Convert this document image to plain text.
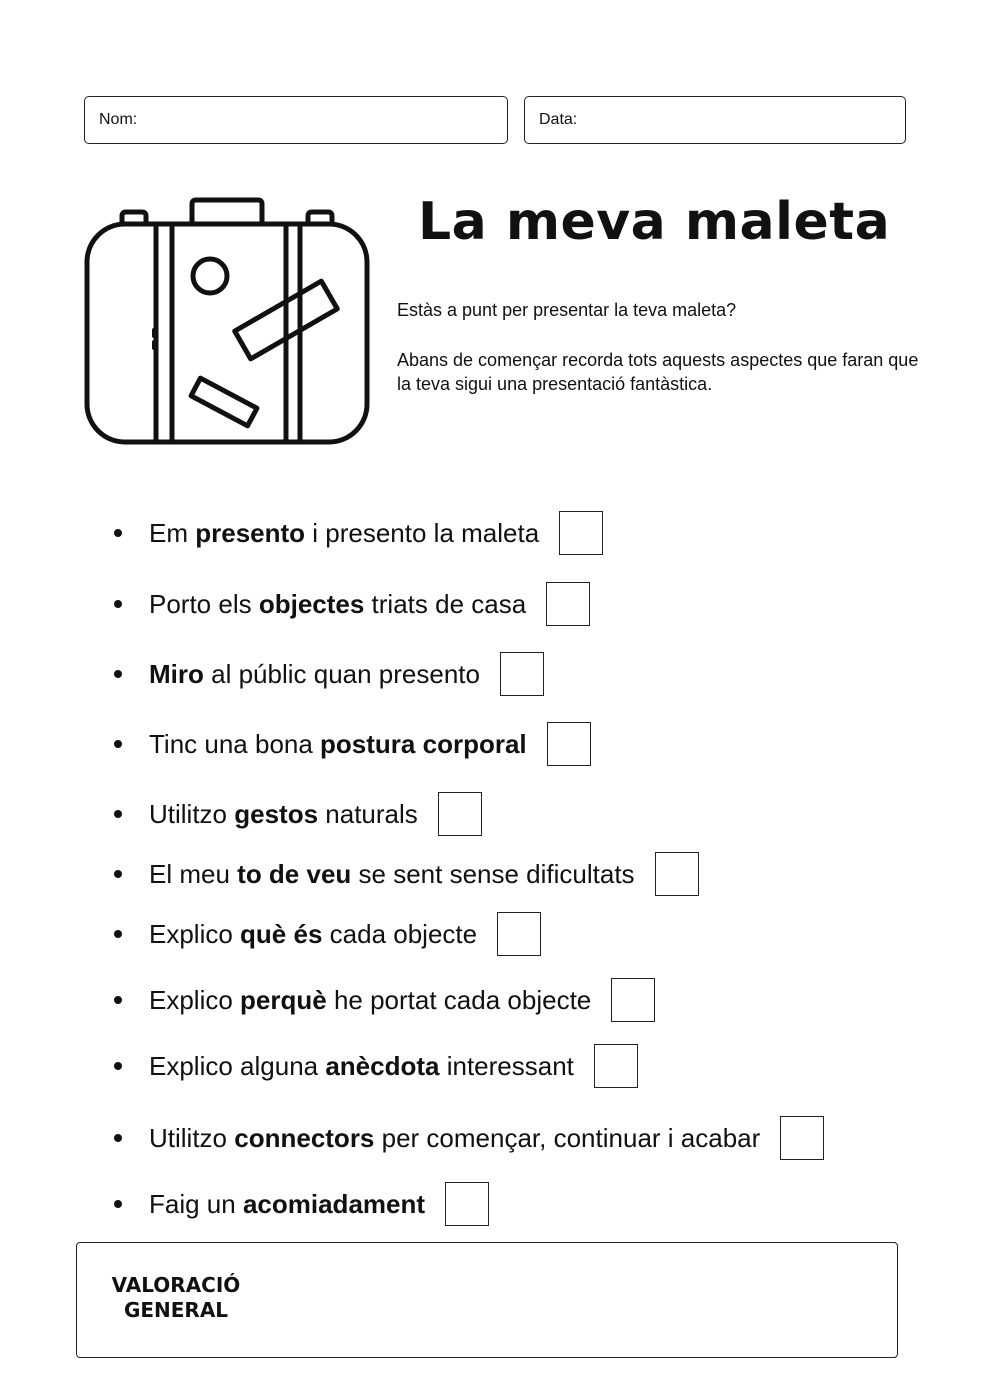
Nom:	Data:
La meva maleta

Estàs a punt per presentar la teva maleta?

Abans de començar recorda tots aquests aspectes que faran que la teva sigui una presentació fantàstica.

Em presento i presento la maleta
Porto els objectes triats de casa
Miro al públic quan presento
Tinc una bona postura corporal
Utilitzo gestos naturals
El meu to de veu se sent sense dificultats
Explico què és cada objecte
Explico perquè he portat cada objecte
Explico alguna anècdota interessant
Utilitzo connectors per començar, continuar i acabar
Faig un acomiadament
VALORACIÓ
GENERAL
